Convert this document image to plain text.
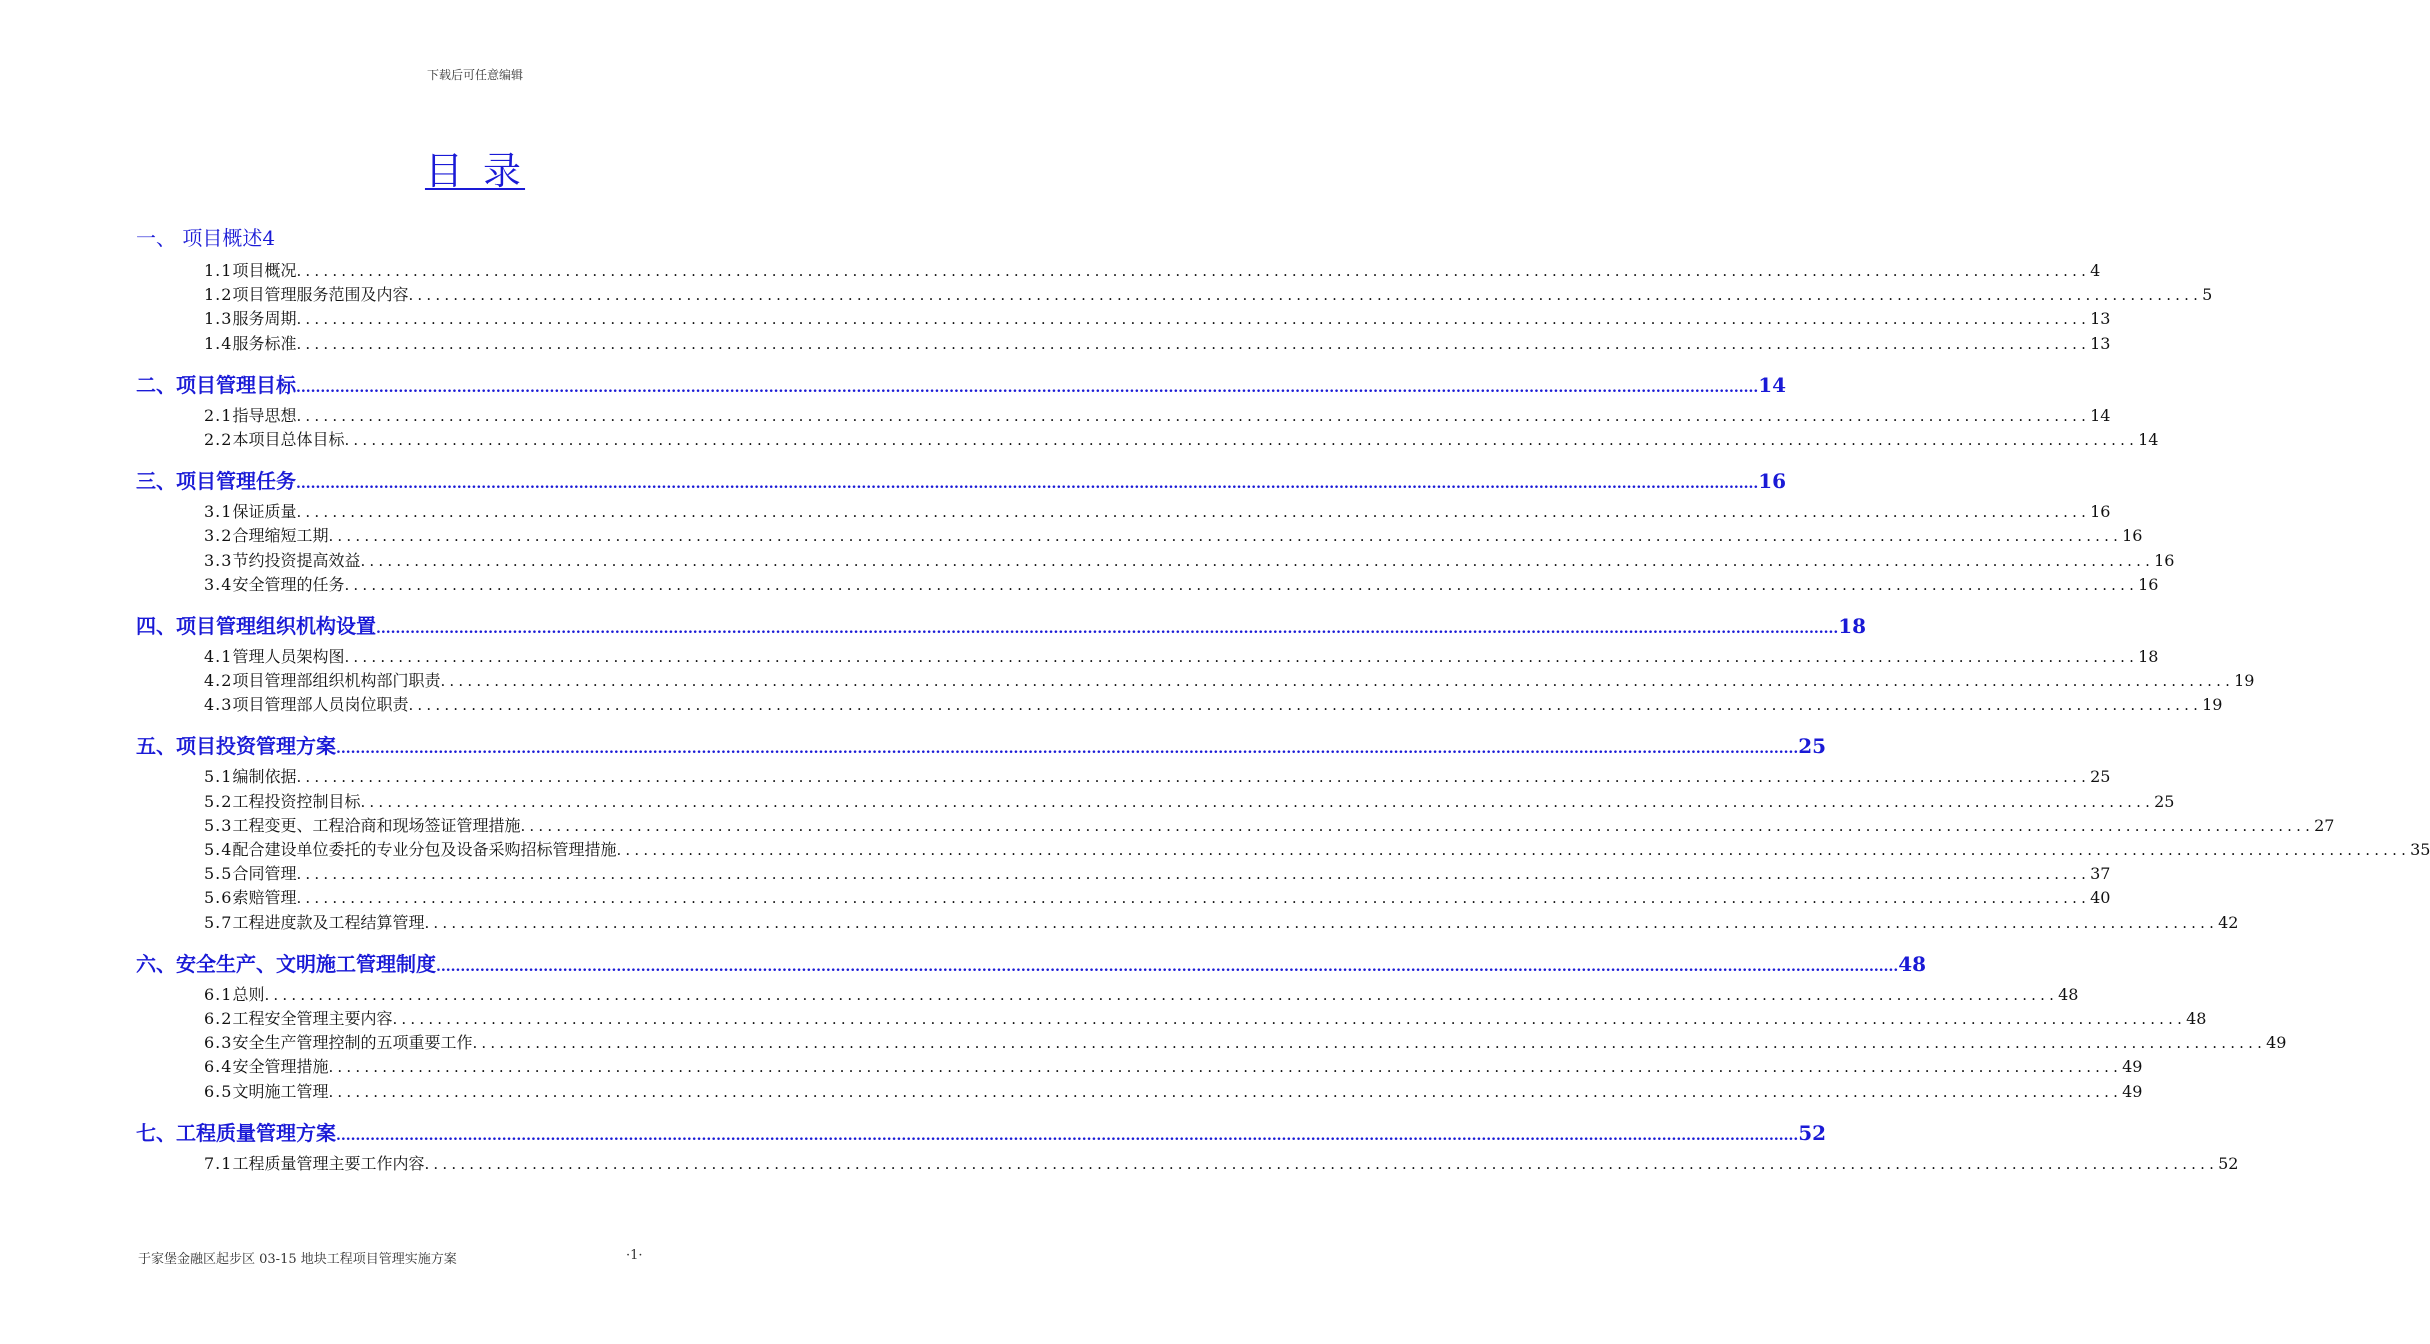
下载后可任意编辑
目 录
一、 项目概述4
1.1 项目概况 ........................................................................................................................................................................................................ 4
1.2 项目管理服务范围及内容 ........................................................................................................................................................................................................ 5
1.3 服务周期 ........................................................................................................................................................................................................ 13
1.4 服务标准 ........................................................................................................................................................................................................ 13
二、项目管理目标 ............................................................................................................................................................................................................................................................................................................ 14
2.1 指导思想 ........................................................................................................................................................................................................ 14
2.2 本项目总体目标 ........................................................................................................................................................................................................ 14
三、项目管理任务 ............................................................................................................................................................................................................................................................................................................ 16
3.1 保证质量 ........................................................................................................................................................................................................ 16
3.2 合理缩短工期 ........................................................................................................................................................................................................ 16
3.3 节约投资提高效益 ........................................................................................................................................................................................................ 16
3.4 安全管理的任务 ........................................................................................................................................................................................................ 16
四、项目管理组织机构设置 ............................................................................................................................................................................................................................................................................................................ 18
4.1 管理人员架构图 ........................................................................................................................................................................................................ 18
4.2 项目管理部组织机构部门职责 ........................................................................................................................................................................................................ 19
4.3 项目管理部人员岗位职责 ........................................................................................................................................................................................................ 19
五、项目投资管理方案 ............................................................................................................................................................................................................................................................................................................ 25
5.1 编制依据 ........................................................................................................................................................................................................ 25
5.2 工程投资控制目标 ........................................................................................................................................................................................................ 25
5.3 工程变更、工程洽商和现场签证管理措施 ........................................................................................................................................................................................................ 27
5.4 配合建设单位委托的专业分包及设备采购招标管理措施 ........................................................................................................................................................................................................ 35
5.5 合同管理 ........................................................................................................................................................................................................ 37
5.6 索赔管理 ........................................................................................................................................................................................................ 40
5.7 工程进度款及工程结算管理 ........................................................................................................................................................................................................ 42
六、安全生产、文明施工管理制度 ............................................................................................................................................................................................................................................................................................................ 48
6.1 总则 ........................................................................................................................................................................................................ 48
6.2 工程安全管理主要内容 ........................................................................................................................................................................................................ 48
6.3 安全生产管理控制的五项重要工作 ........................................................................................................................................................................................................ 49
6.4 安全管理措施 ........................................................................................................................................................................................................ 49
6.5 文明施工管理 ........................................................................................................................................................................................................ 49
七、工程质量管理方案 ............................................................................................................................................................................................................................................................................................................ 52
7.1 工程质量管理主要工作内容 ........................................................................................................................................................................................................ 52
于家堡金融区起步区 03-15 地块工程项目管理实施方案	·1·
